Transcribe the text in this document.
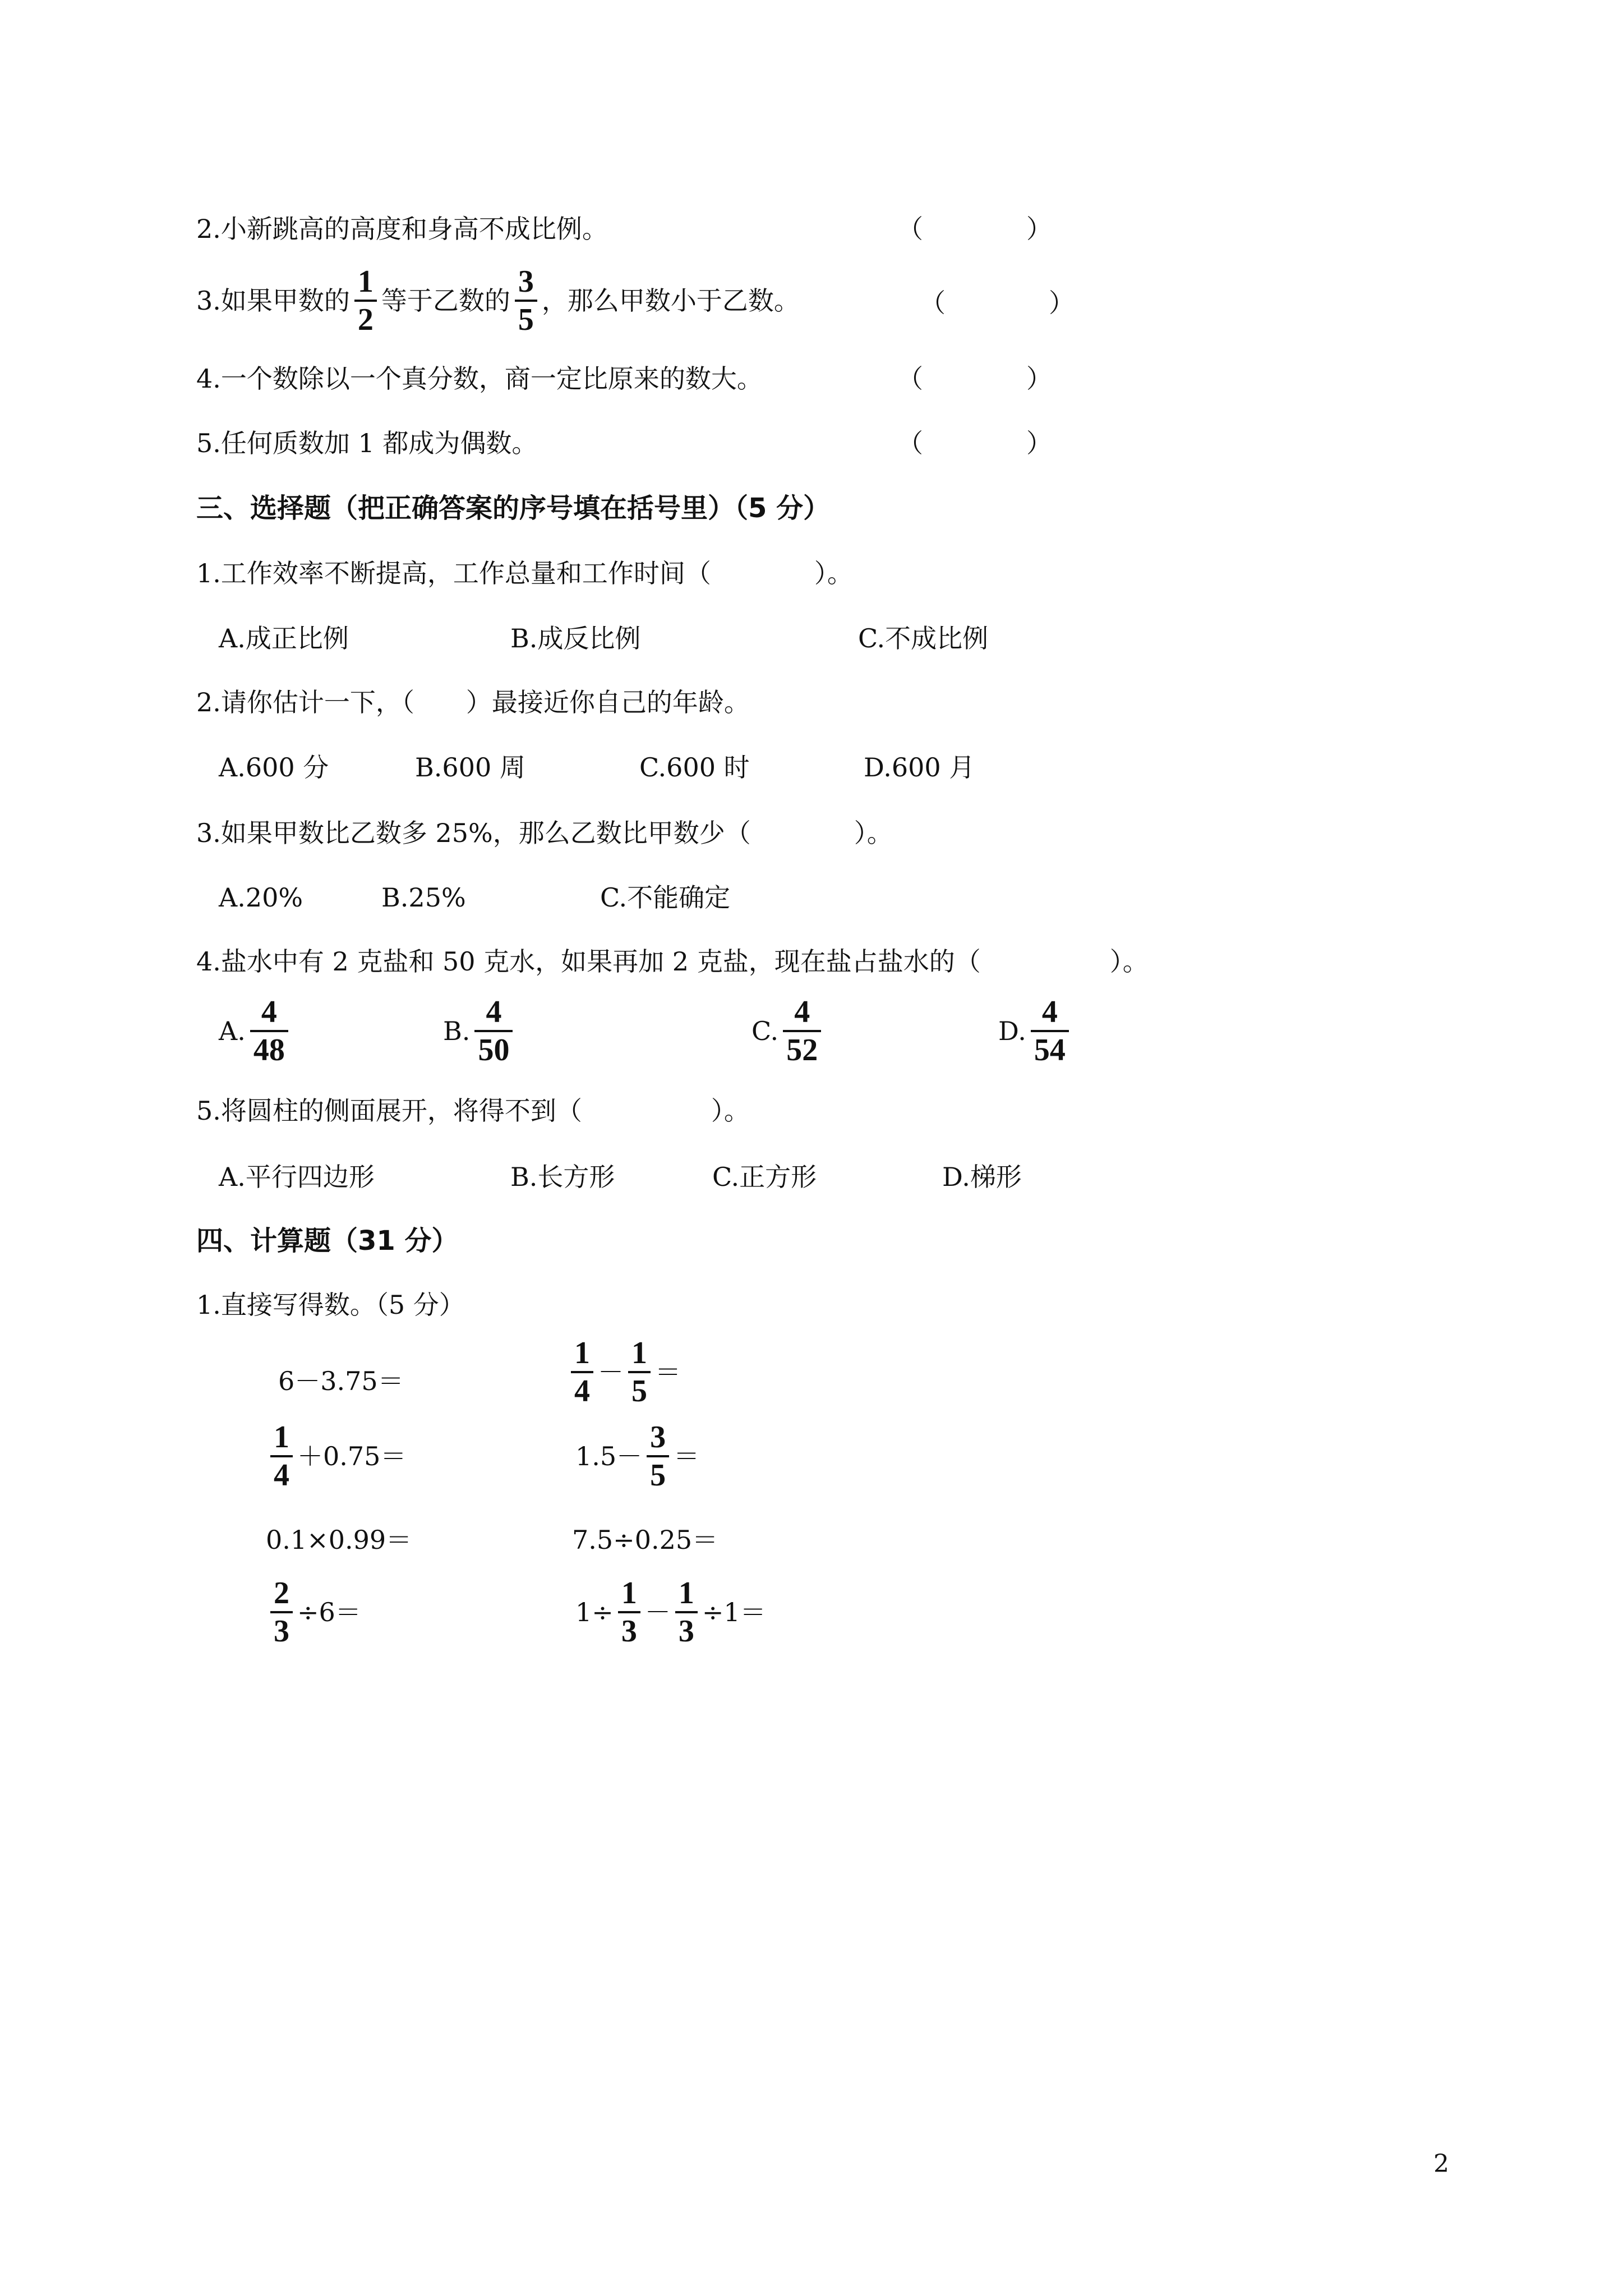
2.小新跳高的高度和身高不成比例。	（　　　　）
3.如果甲数的 $\frac{1}{2}$ 等于乙数的 $\frac{3}{5}$ ，那么甲数小于乙数。	（　　　　）
4.一个数除以一个真分数，商一定比原来的数大。	（　　　　）
5.任何质数加 1 都成为偶数。	（　　　　）
三、选择题（把正确答案的序号填在括号里）（5 分）
1.工作效率不断提高，工作总量和工作时间（　　　　）。
A.成正比例	B.成反比例	C.不成比例
2.请你估计一下，（　　）最接近你自己的年龄。
A.600 分	B.600 周	C.600 时	D.600 月
3.如果甲数比乙数多 25%，那么乙数比甲数少（　　　　）。
A.20%	B.25%	C.不能确定
4.盐水中有 2 克盐和 50 克水，如果再加 2 克盐，现在盐占盐水的（　　　　　）。
A. $\frac{4}{48}$	B. $\frac{4}{50}$	C. $\frac{4}{52}$	D. $\frac{4}{54}$
5.将圆柱的侧面展开，将得不到（　　　　　）。
A.平行四边形	B.长方形	C.正方形	D.梯形
四、计算题（31 分）
1.直接写得数。（5 分）
6－3.75＝	$\frac{1}{4} - \frac{1}{5}$ ＝
$\frac{1}{4} +0.75=$	$1.5- \frac{3}{5}$ ＝
0.1×0.99＝	7.5÷0.25＝
$\frac{2}{3} \div 6=$	$1\div \frac{1}{3} - \frac{1}{3} \div 1=$
2
